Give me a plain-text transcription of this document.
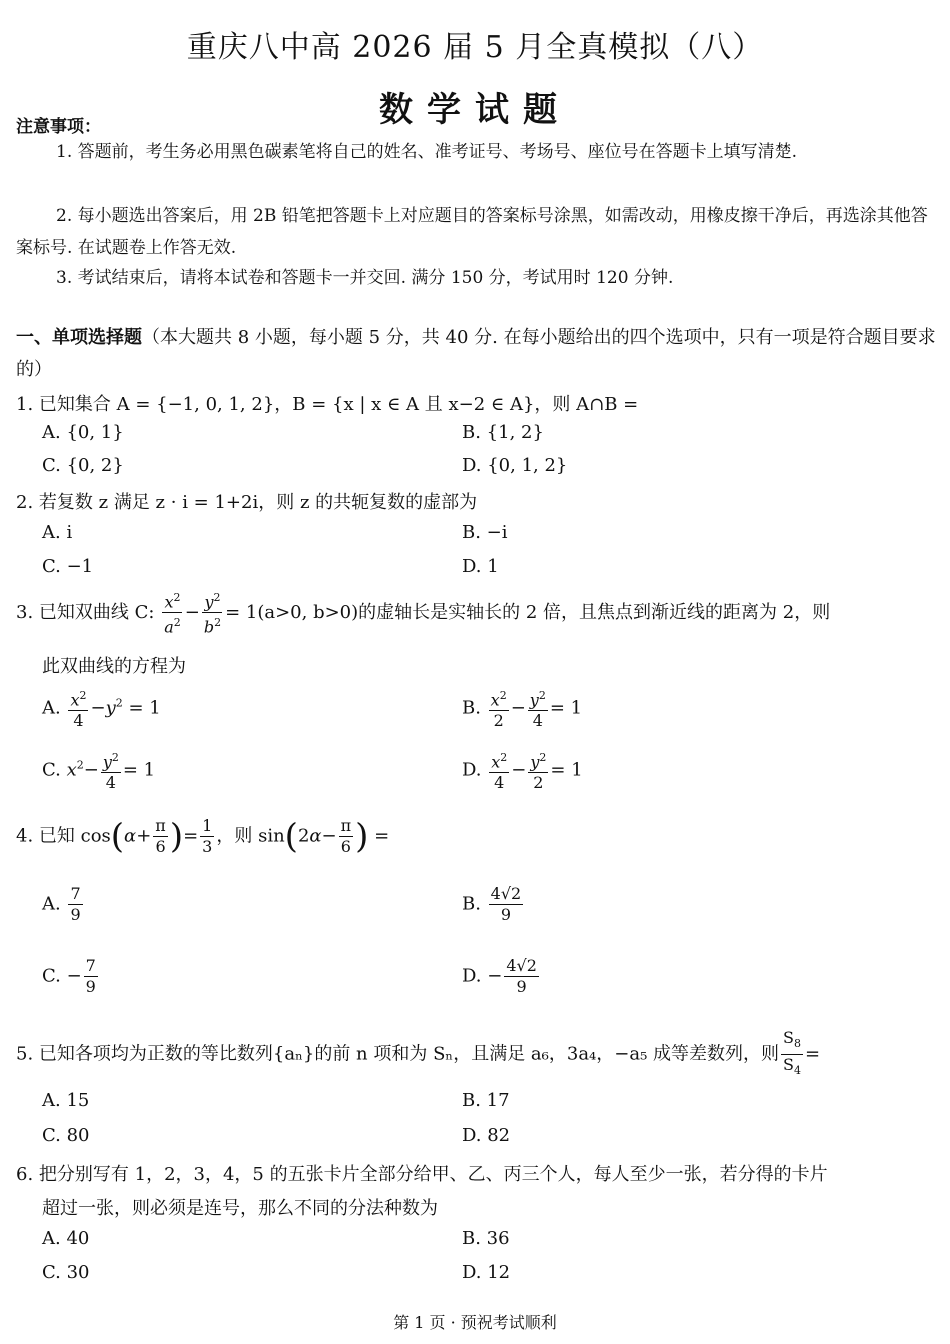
重庆八中高 2026 届 5 月全真模拟（八）
数学试题
注意事项：
1. 答题前，考生务必用黑色碳素笔将自己的姓名、准考证号、考场号、座位号在答题卡上填写清楚.
2. 每小题选出答案后，用 2B 铅笔把答题卡上对应题目的答案标号涂黑，如需改动，用橡皮擦干净后，再选涂其他答案标号. 在试题卷上作答无效.
3. 考试结束后，请将本试卷和答题卡一并交回. 满分 150 分，考试用时 120 分钟.
一、单项选择题（本大题共 8 小题，每小题 5 分，共 40 分. 在每小题给出的四个选项中，只有一项是符合题目要求的）
1. 已知集合 A = {−1, 0, 1, 2}，B = {x | x ∈ A 且 x−2 ∈ A}，则 A∩B =
A. {0, 1}	B. {1, 2}
C. {0, 2}	D. {0, 1, 2}
2. 若复数 z 满足 z · i = 1+2i，则 z 的共轭复数的虚部为
A. i	B. −i
C. −1	D. 1
3. 已知双曲线 C: $\frac{x^2}{a^2} - \frac{y^2}{b^2} = 1(a>0$, b>0)的虚轴长是实轴长的 2 倍，且焦点到渐近线的距离为 2，则
此双曲线的方程为
A. $\frac{x^2}{4} -y^2 = 1$	B. $\frac{x^2}{2} - \frac{y^2}{4} = 1$
C. $x^2- \frac{y^2}{4} = 1$	D. $\frac{x^2}{4} - \frac{y^2}{2} = 1$
4. 已知 $\cos(\alpha+ \frac{\pi}{6}$ )= $\frac{1}{3}$ ，则 $\sin(2\alpha- \frac{\pi}{6}$ ) =
A. $\frac{7}{9}$	B. $\frac{4√2}{9}$
C. − $\frac{7}{9}$	D. − $\frac{4√2}{9}$
5. 已知各项均为正数的等比数列{aₙ}的前 n 项和为 Sₙ，且满足 a₆，3a₄，−a₅ 成等差数列，则 $\frac{S_8}{S_4}$ =
A. 15	B. 17
C. 80	D. 82
6. 把分别写有 1，2，3，4，5 的五张卡片全部分给甲、乙、丙三个人，每人至少一张，若分得的卡片
超过一张，则必须是连号，那么不同的分法种数为
A. 40	B. 36
C. 30	D. 12
第 1 页 · 预祝考试顺利
